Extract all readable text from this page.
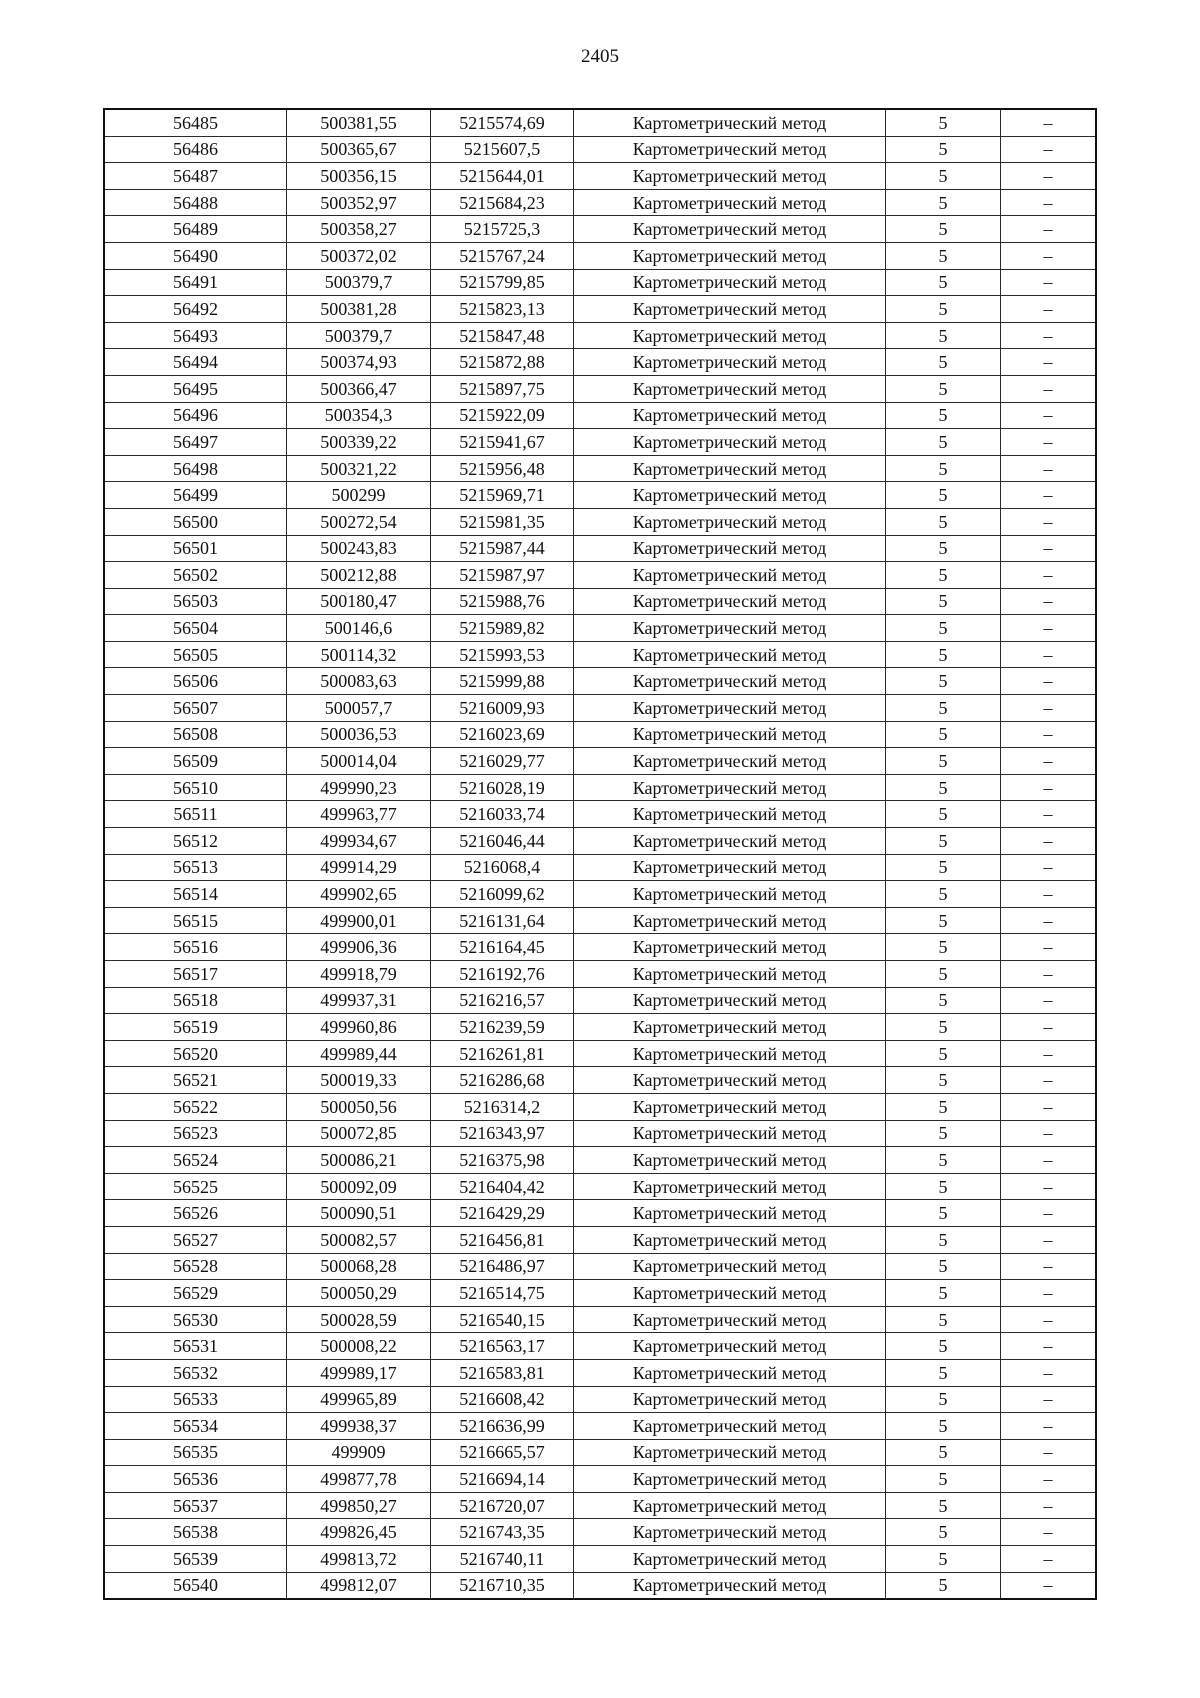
2405
56485	500381,55	5215574,69	Картометрический метод	5	–
56486	500365,67	5215607,5	Картометрический метод	5	–
56487	500356,15	5215644,01	Картометрический метод	5	–
56488	500352,97	5215684,23	Картометрический метод	5	–
56489	500358,27	5215725,3	Картометрический метод	5	–
56490	500372,02	5215767,24	Картометрический метод	5	–
56491	500379,7	5215799,85	Картометрический метод	5	–
56492	500381,28	5215823,13	Картометрический метод	5	–
56493	500379,7	5215847,48	Картометрический метод	5	–
56494	500374,93	5215872,88	Картометрический метод	5	–
56495	500366,47	5215897,75	Картометрический метод	5	–
56496	500354,3	5215922,09	Картометрический метод	5	–
56497	500339,22	5215941,67	Картометрический метод	5	–
56498	500321,22	5215956,48	Картометрический метод	5	–
56499	500299	5215969,71	Картометрический метод	5	–
56500	500272,54	5215981,35	Картометрический метод	5	–
56501	500243,83	5215987,44	Картометрический метод	5	–
56502	500212,88	5215987,97	Картометрический метод	5	–
56503	500180,47	5215988,76	Картометрический метод	5	–
56504	500146,6	5215989,82	Картометрический метод	5	–
56505	500114,32	5215993,53	Картометрический метод	5	–
56506	500083,63	5215999,88	Картометрический метод	5	–
56507	500057,7	5216009,93	Картометрический метод	5	–
56508	500036,53	5216023,69	Картометрический метод	5	–
56509	500014,04	5216029,77	Картометрический метод	5	–
56510	499990,23	5216028,19	Картометрический метод	5	–
56511	499963,77	5216033,74	Картометрический метод	5	–
56512	499934,67	5216046,44	Картометрический метод	5	–
56513	499914,29	5216068,4	Картометрический метод	5	–
56514	499902,65	5216099,62	Картометрический метод	5	–
56515	499900,01	5216131,64	Картометрический метод	5	–
56516	499906,36	5216164,45	Картометрический метод	5	–
56517	499918,79	5216192,76	Картометрический метод	5	–
56518	499937,31	5216216,57	Картометрический метод	5	–
56519	499960,86	5216239,59	Картометрический метод	5	–
56520	499989,44	5216261,81	Картометрический метод	5	–
56521	500019,33	5216286,68	Картометрический метод	5	–
56522	500050,56	5216314,2	Картометрический метод	5	–
56523	500072,85	5216343,97	Картометрический метод	5	–
56524	500086,21	5216375,98	Картометрический метод	5	–
56525	500092,09	5216404,42	Картометрический метод	5	–
56526	500090,51	5216429,29	Картометрический метод	5	–
56527	500082,57	5216456,81	Картометрический метод	5	–
56528	500068,28	5216486,97	Картометрический метод	5	–
56529	500050,29	5216514,75	Картометрический метод	5	–
56530	500028,59	5216540,15	Картометрический метод	5	–
56531	500008,22	5216563,17	Картометрический метод	5	–
56532	499989,17	5216583,81	Картометрический метод	5	–
56533	499965,89	5216608,42	Картометрический метод	5	–
56534	499938,37	5216636,99	Картометрический метод	5	–
56535	499909	5216665,57	Картометрический метод	5	–
56536	499877,78	5216694,14	Картометрический метод	5	–
56537	499850,27	5216720,07	Картометрический метод	5	–
56538	499826,45	5216743,35	Картометрический метод	5	–
56539	499813,72	5216740,11	Картометрический метод	5	–
56540	499812,07	5216710,35	Картометрический метод	5	–
